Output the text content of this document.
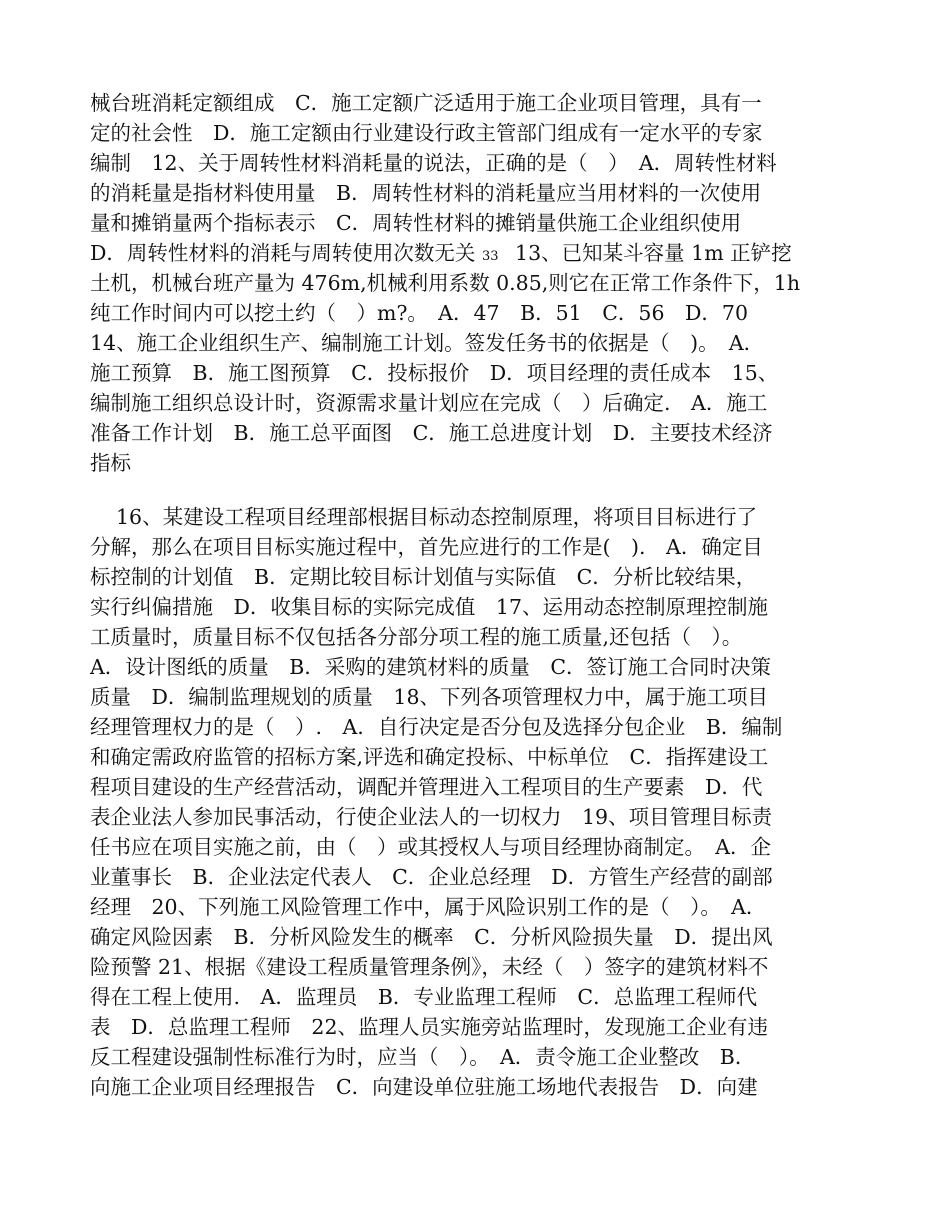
械台班消耗定额组成　C．施工定额广泛适用于施工企业项目管理，具有一
定的社会性　D．施工定额由行业建设行政主管部门组成有一定水平的专家
编制　12、关于周转性材料消耗量的说法，正确的是（　）　A．周转性材料
的消耗量是指材料使用量　B．周转性材料的消耗量应当用材料的一次使用
量和摊销量两个指标表示　C．周转性材料的摊销量供施工企业组织使用
D．周转性材料的消耗与周转使用次数无关 33 13、已知某斗容量 1m 正铲挖
土机，机械台班产量为 476m,机械利用系数 0.85,则它在正常工作条件下，1h
纯工作时间内可以挖土约（　）m?。　A．47　B．51　C．56　D．70
14、施工企业组织生产、编制施工计划。签发任务书的依据是（　)。　A．
施工预算　B．施工图预算　C．投标报价　D．项目经理的责任成本　15、
编制施工组织总设计时，资源需求量计划应在完成（　）后确定.　A．施工
准备工作计划　B．施工总平面图　C．施工总进度计划　D．主要技术经济
指标
16、某建设工程项目经理部根据目标动态控制原理，将项目目标进行了
分解，那么在项目目标实施过程中，首先应进行的工作是(　).　A．确定目
标控制的计划值　B．定期比较目标计划值与实际值　C．分析比较结果，
实行纠偏措施　D．收集目标的实际完成值　17、运用动态控制原理控制施
工质量时，质量目标不仅包括各分部分项工程的施工质量,还包括（　）。
A．设计图纸的质量　B．采购的建筑材料的质量　C．签订施工合同时决策
质量　D．编制监理规划的质量　18、下列各项管理权力中，属于施工项目
经理管理权力的是（　）.　A．自行决定是否分包及选择分包企业　B．编制
和确定需政府监管的招标方案,评选和确定投标、中标单位　C．指挥建设工
程项目建设的生产经营活动，调配并管理进入工程项目的生产要素　D．代
表企业法人参加民事活动，行使企业法人的一切权力　19、项目管理目标责
任书应在项目实施之前，由（　）或其授权人与项目经理协商制定。　A．企
业董事长　B．企业法定代表人　C．企业总经理　D．方管生产经营的副部
经理　20、下列施工风险管理工作中，属于风险识别工作的是（　）。　A．
确定风险因素　B．分析风险发生的概率　C．分析风险损失量　D．提出风
险预警 21、根据《建设工程质量管理条例》，未经（　）签字的建筑材料不
得在工程上使用.　A．监理员　B．专业监理工程师　C．总监理工程师代
表　D．总监理工程师　22、监理人员实施旁站监理时，发现施工企业有违
反工程建设强制性标准行为时，应当（　）。　A．责令施工企业整改　B．
向施工企业项目经理报告　C．向建设单位驻施工场地代表报告　D．向建
